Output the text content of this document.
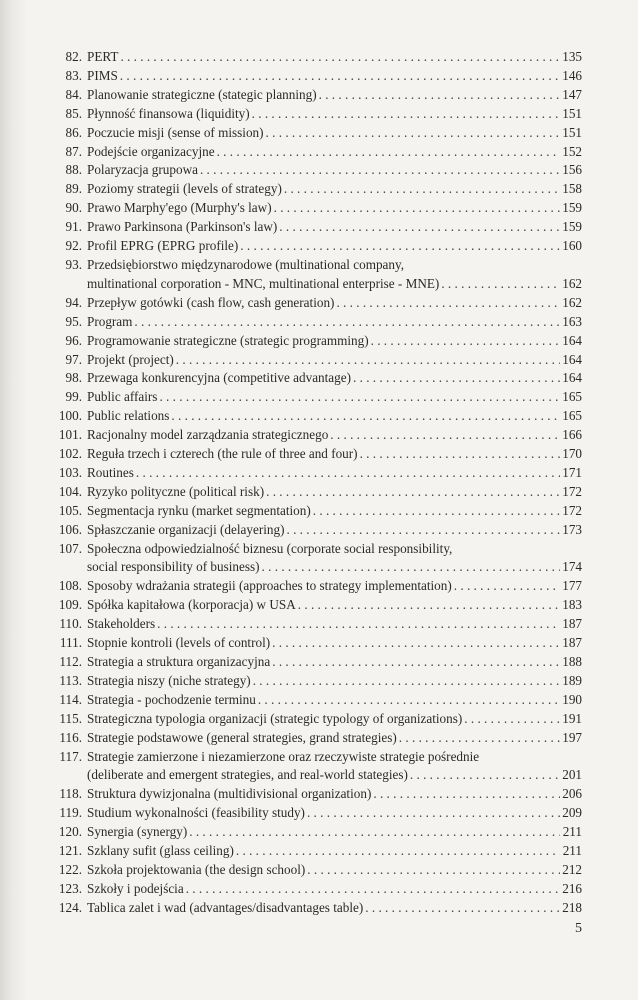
82. PERT . . .	135
83. PIMS . . .	146
84. Planowanie strategiczne (stategic planning) . . .	147
85. Płynność finansowa (liquidity) . . .	151
86. Poczucie misji (sense of mission) . . .	151
87. Podejście organizacyjne . . .	152
88. Polaryzacja grupowa . . .	156
89. Poziomy strategii (levels of strategy) . . .	158
90. Prawo Marphy'ego (Murphy's law) . . .	159
91. Prawo Parkinsona (Parkinson's law) . . .	159
92. Profil EPRG (EPRG profile) . . .	160
93. Przedsiębiorstwo międzynarodowe (multinational company,
multinational corporation - MNC, multinational enterprise - MNE) . . .	162
94. Przepływ gotówki (cash flow, cash generation) . . .	162
95. Program . . .	163
96. Programowanie strategiczne (strategic programming) . . .	164
97. Projekt (project) . . .	164
98. Przewaga konkurencyjna (competitive advantage) . . .	164
99. Public affairs . . .	165
100. Public relations . . .	165
101. Racjonalny model zarządzania strategicznego . . .	166
102. Reguła trzech i czterech (the rule of three and four) . . .	170
103. Routines . . .	171
104. Ryzyko polityczne (political risk) . . .	172
105. Segmentacja rynku (market segmentation) . . .	172
106. Spłaszczanie organizacji (delayering) . . .	173
107. Społeczna odpowiedzialność biznesu (corporate social responsibility,
social responsibility of business) . . .	174
108. Sposoby wdrażania strategii (approaches to strategy implementation) . . .	177
109. Spółka kapitałowa (korporacja) w USA . . .	183
110. Stakeholders . . .	187
111. Stopnie kontroli (levels of control) . . .	187
112. Strategia a struktura organizacyjna . . .	188
113. Strategia niszy (niche strategy) . . .	189
114. Strategia - pochodzenie terminu . . .	190
115. Strategiczna typologia organizacji (strategic typology of organizations) . . .	191
116. Strategie podstawowe (general strategies, grand strategies) . . .	197
117. Strategie zamierzone i niezamierzone oraz rzeczywiste strategie pośrednie
(deliberate and emergent strategies, and real-world stategies) . . .	201
118. Struktura dywizjonalna (multidivisional organization) . . .	206
119. Studium wykonalności (feasibility study) . . .	209
120. Synergia (synergy) . . .	211
121. Szklany sufit (glass ceiling) . . .	211
122. Szkoła projektowania (the design school) . . .	212
123. Szkoły i podejścia . . .	216
124. Tablica zalet i wad (advantages/disadvantages table) . . .	218
5
